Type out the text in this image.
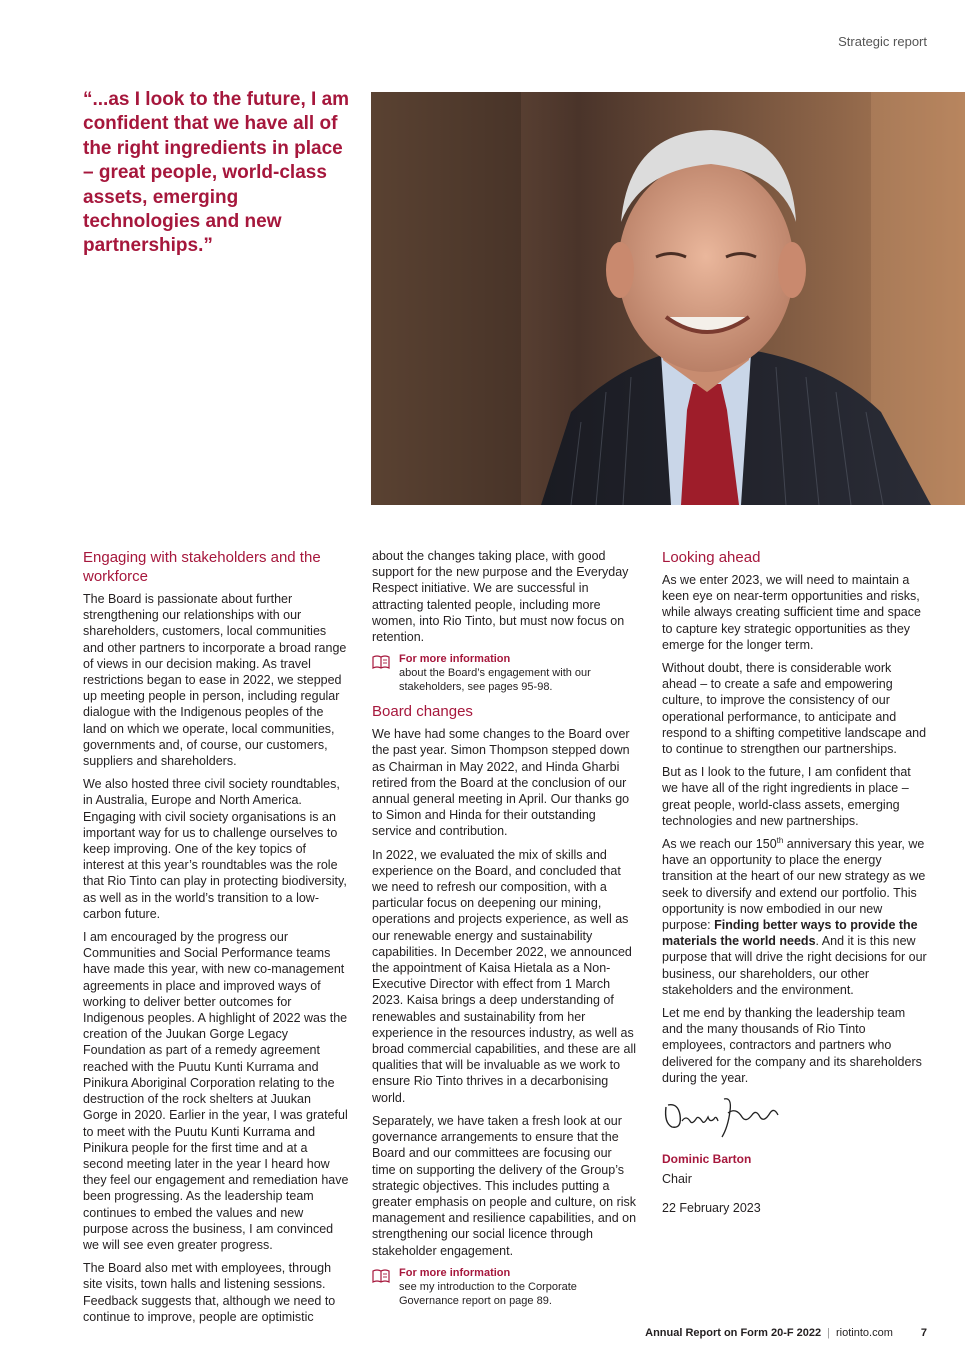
Strategic report
“...as I look to the future, I am confident that we have all of the right ingredients in place – great people, world-class assets, emerging technologies and new partnerships.”
Engaging with stakeholders and the workforce

The Board is passionate about further strengthening our relationships with our shareholders, customers, local communities and other partners to incorporate a broad range of views in our decision making. As travel restrictions began to ease in 2022, we stepped up meeting people in person, including regular dialogue with the Indigenous peoples of the land on which we operate, local communities, governments and, of course, our customers, suppliers and shareholders.

We also hosted three civil society roundtables, in Australia, Europe and North America. Engaging with civil society organisations is an important way for us to challenge ourselves to keep improving. One of the key topics of interest at this year’s roundtables was the role that Rio Tinto can play in protecting biodiversity, as well as in the world’s transition to a low-carbon future.

I am encouraged by the progress our Communities and Social Performance teams have made this year, with new co-management agreements in place and improved ways of working to deliver better outcomes for Indigenous peoples. A highlight of 2022 was the creation of the Juukan Gorge Legacy Foundation as part of a remedy agreement reached with the Puutu Kunti Kurrama and Pinikura Aboriginal Corporation relating to the destruction of the rock shelters at Juukan Gorge in 2020. Earlier in the year, I was grateful to meet with the Puutu Kunti Kurrama and Pinikura people for the first time and at a second meeting later in the year I heard how they feel our engagement and remediation have been progressing. As the leadership team continues to embed the values and new purpose across the business, I am convinced we will see even greater progress.

The Board also met with employees, through site visits, town halls and listening sessions. Feedback suggests that, although we need to continue to improve, people are optimistic

about the changes taking place, with good support for the new purpose and the Everyday Respect initiative. We are successful in attracting talented people, including more women, into Rio Tinto, but must now focus on retention.

For more information
about the Board’s engagement with our stakeholders, see pages 95-98.
Board changes

We have had some changes to the Board over the past year. Simon Thompson stepped down as Chairman in May 2022, and Hinda Gharbi retired from the Board at the conclusion of our annual general meeting in April. Our thanks go to Simon and Hinda for their outstanding service and contribution.

In 2022, we evaluated the mix of skills and experience on the Board, and concluded that we need to refresh our composition, with a particular focus on deepening our mining, operations and projects experience, as well as our renewable energy and sustainability capabilities. In December 2022, we announced the appointment of Kaisa Hietala as a Non-Executive Director with effect from 1 March 2023. Kaisa brings a deep understanding of renewables and sustainability from her experience in the resources industry, as well as broad commercial capabilities, and these are all qualities that will be invaluable as we work to ensure Rio Tinto thrives in a decarbonising world.

Separately, we have taken a fresh look at our governance arrangements to ensure that the Board and our committees are focusing our time on supporting the delivery of the Group’s strategic objectives. This includes putting a greater emphasis on people and culture, on risk management and resilience capabilities, and on strengthening our social licence through stakeholder engagement.

For more information
see my introduction to the Corporate Governance report on page 89.
Looking ahead

As we enter 2023, we will need to maintain a keen eye on near-term opportunities and risks, while always creating sufficient time and space to capture key strategic opportunities as they emerge for the longer term.

Without doubt, there is considerable work ahead – to create a safe and empowering culture, to improve the consistency of our operational performance, to anticipate and respond to a shifting competitive landscape and to continue to strengthen our partnerships.

But as I look to the future, I am confident that we have all of the right ingredients in place – great people, world-class assets, emerging technologies and new partnerships.

As we reach our 150th anniversary this year, we have an opportunity to place the energy transition at the heart of our new strategy as we seek to diversify and extend our portfolio. This opportunity is now embodied in our new purpose: Finding better ways to provide the materials the world needs. And it is this new purpose that will drive the right decisions for our business, our shareholders, our other stakeholders and the environment.

Let me end by thanking the leadership team and the many thousands of Rio Tinto employees, contractors and partners who delivered for the company and its shareholders during the year.

Dominic Barton
Chair
22 February 2023
Annual Report on Form 20-F 2022 | riotinto.com	7
